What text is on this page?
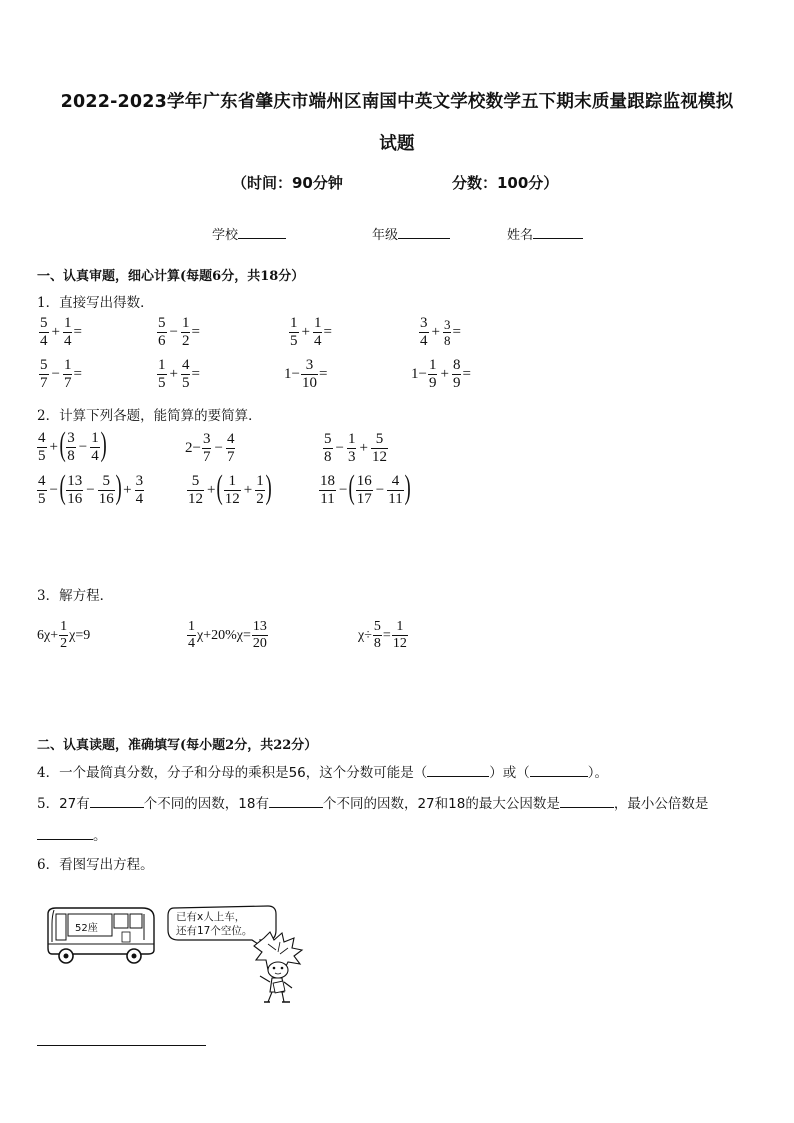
2022-2023学年广东省肇庆市端州区南国中英文学校数学五下期末质量跟踪监视模拟
试题
（时间：90分钟	分数：100分）
学校	年级	姓名
一、认真审题，细心计算(每题6分，共18分）
1．直接写出得数．
$\frac{5}{4} + \frac{1}{4}$ =	$\frac{5}{6} - \frac{1}{2}$ =	$\frac{1}{5} + \frac{1}{4}$ =	$\frac{3}{4} + \frac{3}{8}$ =
$\frac{5}{7} - \frac{1}{7}$ =	$\frac{1}{5} + \frac{4}{5}$ =	$1- \frac{3}{10}$ =	$1- \frac{1}{9} + \frac{8}{9}$ =
2．计算下列各题，能简算的要简算．
$\frac{4}{5}$ + ( $\frac{3}{8} - \frac{1}{4}$ )	$2- \frac{3}{7} - \frac{4}{7}$	$\frac{5}{8} - \frac{1}{3} + \frac{5}{12}$
$\frac{4}{5}$ − ( $\frac{13}{16} - \frac{5}{16}$ ) + $\frac{3}{4}$	$\frac{5}{12}$ + ( $\frac{1}{12} + \frac{1}{2}$ )	$\frac{18}{11}$ − ( $\frac{16}{17} - \frac{4}{11}$ )
3．解方程．
$6\chi+ \frac{1}{2} \chi=9$	$\frac{1}{4} \chi+20\%\chi= \frac{13}{20}$	$\chi\div \frac{5}{8} = \frac{1}{12}$
二、认真读题，准确填写(每小题2分，共22分）
4．一个最简真分数，分子和分母的乘积是56，这个分数可能是（	）或（	）。
5．27有	个不同的因数，18有	个不同的因数，27和18的最大公因数是	，最小公倍数是
。
6．看图写出方程。
52座
已有x人上车，
还有17个空位。
